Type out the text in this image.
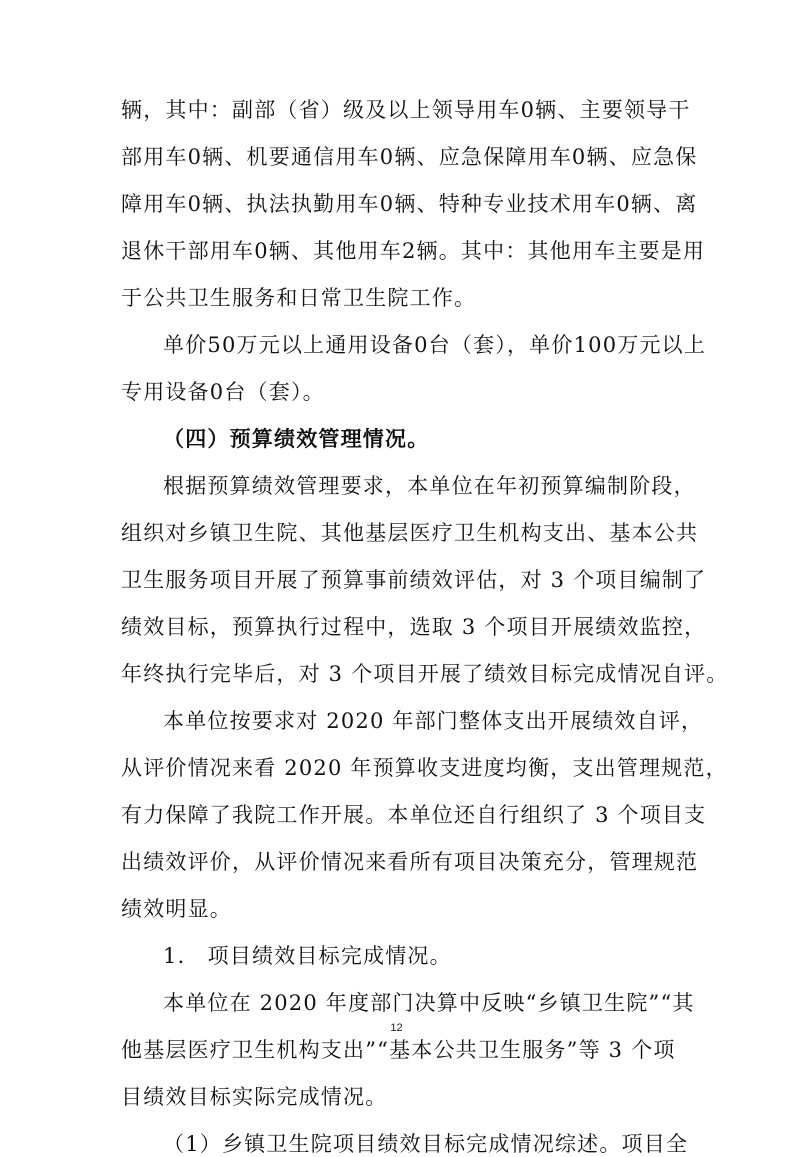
辆，其中：副部（省）级及以上领导用车0辆、主要领导干
部用车0辆、机要通信用车0辆、应急保障用车0辆、应急保
障用车0辆、执法执勤用车0辆、特种专业技术用车0辆、离
退休干部用车0辆、其他用车2辆。其中：其他用车主要是用
于公共卫生服务和日常卫生院工作。
单价50万元以上通用设备0台（套），单价100万元以上
专用设备0台（套）。
（四）预算绩效管理情况。
根据预算绩效管理要求，本单位在年初预算编制阶段，
组织对乡镇卫生院、其他基层医疗卫生机构支出、基本公共
卫生服务项目开展了预算事前绩效评估，对 3 个项目编制了
绩效目标，预算执行过程中，选取 3 个项目开展绩效监控，
年终执行完毕后，对 3 个项目开展了绩效目标完成情况自评。
本单位按要求对 2020 年部门整体支出开展绩效自评，
从评价情况来看 2020 年预算收支进度均衡，支出管理规范，
有力保障了我院工作开展。本单位还自行组织了 3 个项目支
出绩效评价，从评价情况来看所有项目决策充分，管理规范
绩效明显。
1.　项目绩效目标完成情况。
本单位在 2020 年度部门决算中反映“乡镇卫生院”“其
他基层医疗卫生机构支出”“基本公共卫生服务”等 3 个项
目绩效目标实际完成情况。
（1）乡镇卫生院项目绩效目标完成情况综述。项目全
12
